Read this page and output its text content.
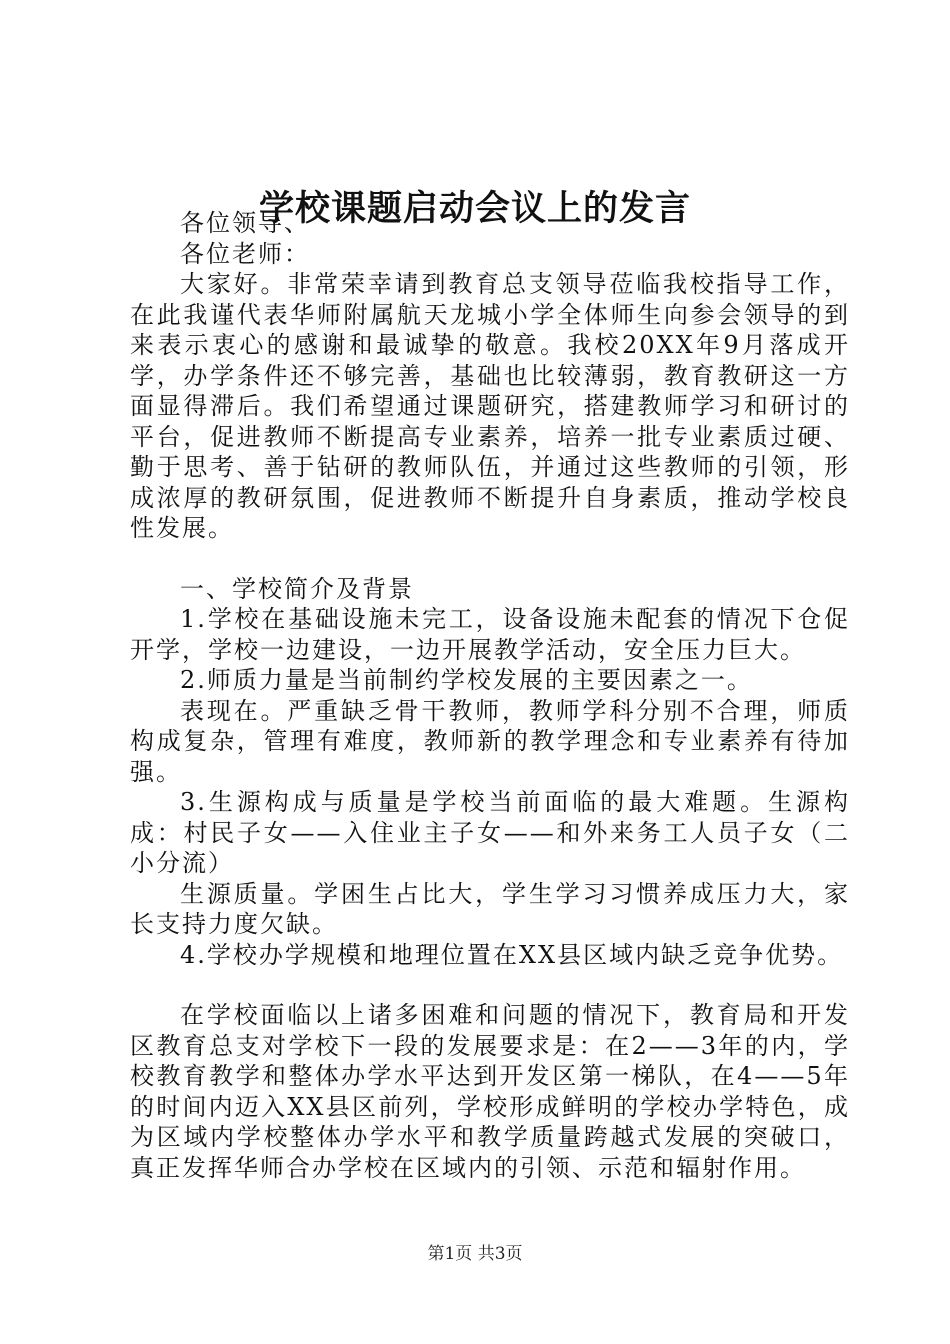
学校课题启动会议上的发言

各位领导、

各位老师：

大家好。非常荣幸请到教育总支领导莅临我校指导工作，在此我谨代表华师附属航天龙城小学全体师生向参会领导的到来表示衷心的感谢和最诚挚的敬意。我校20XX年9月落成开学，办学条件还不够完善，基础也比较薄弱，教育教研这一方面显得滞后。我们希望通过课题研究，搭建教师学习和研讨的平台，促进教师不断提高专业素养，培养一批专业素质过硬、勤于思考、善于钻研的教师队伍，并通过这些教师的引领，形成浓厚的教研氛围，促进教师不断提升自身素质，推动学校良性发展。

一、学校简介及背景

1.学校在基础设施未完工，设备设施未配套的情况下仓促开学，学校一边建设，一边开展教学活动，安全压力巨大。

2.师质力量是当前制约学校发展的主要因素之一。

表现在。严重缺乏骨干教师，教师学科分别不合理，师质构成复杂，管理有难度，教师新的教学理念和专业素养有待加强。

3.生源构成与质量是学校当前面临的最大难题。生源构成：村民子女——入住业主子女——和外来务工人员子女（二小分流）

生源质量。学困生占比大，学生学习习惯养成压力大，家长支持力度欠缺。

4.学校办学规模和地理位置在XX县区域内缺乏竞争优势。

在学校面临以上诸多困难和问题的情况下，教育局和开发区教育总支对学校下一段的发展要求是：在2——3年的内，学校教育教学和整体办学水平达到开发区第一梯队，在4——5年的时间内迈入XX县区前列，学校形成鲜明的学校办学特色，成为区域内学校整体办学水平和教学质量跨越式发展的突破口，真正发挥华师合办学校在区域内的引领、示范和辐射作用。

第1页 共3页
